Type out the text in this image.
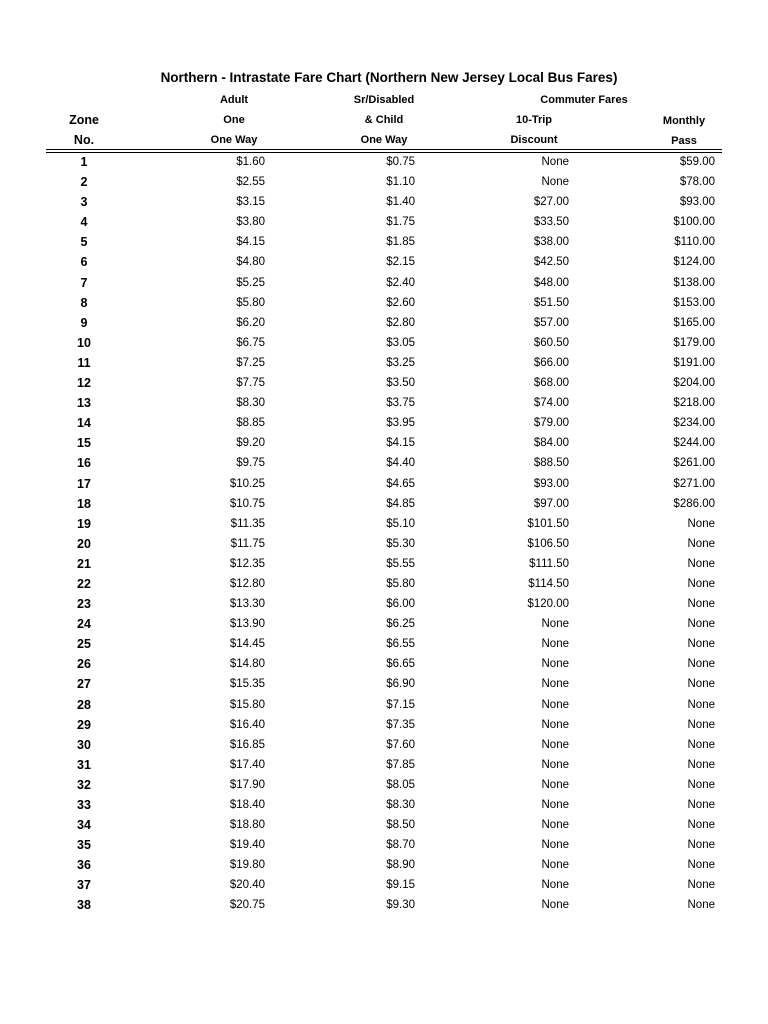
Northern - Intrastate Fare Chart (Northern New Jersey Local Bus Fares)
Zone
No.
Adult
One
One Way
Sr/Disabled
& Child
One Way
Commuter Fares
10-Trip
Discount
Monthly
Pass
1	$1.60	$0.75	None	$59.00
2	$2.55	$1.10	None	$78.00
3	$3.15	$1.40	$27.00	$93.00
4	$3.80	$1.75	$33.50	$100.00
5	$4.15	$1.85	$38.00	$110.00
6	$4.80	$2.15	$42.50	$124.00
7	$5.25	$2.40	$48.00	$138.00
8	$5.80	$2.60	$51.50	$153.00
9	$6.20	$2.80	$57.00	$165.00
10	$6.75	$3.05	$60.50	$179.00
11	$7.25	$3.25	$66.00	$191.00
12	$7.75	$3.50	$68.00	$204.00
13	$8.30	$3.75	$74.00	$218.00
14	$8.85	$3.95	$79.00	$234.00
15	$9.20	$4.15	$84.00	$244.00
16	$9.75	$4.40	$88.50	$261.00
17	$10.25	$4.65	$93.00	$271.00
18	$10.75	$4.85	$97.00	$286.00
19	$11.35	$5.10	$101.50	None
20	$11.75	$5.30	$106.50	None
21	$12.35	$5.55	$111.50	None
22	$12.80	$5.80	$114.50	None
23	$13.30	$6.00	$120.00	None
24	$13.90	$6.25	None	None
25	$14.45	$6.55	None	None
26	$14.80	$6.65	None	None
27	$15.35	$6.90	None	None
28	$15.80	$7.15	None	None
29	$16.40	$7.35	None	None
30	$16.85	$7.60	None	None
31	$17.40	$7.85	None	None
32	$17.90	$8.05	None	None
33	$18.40	$8.30	None	None
34	$18.80	$8.50	None	None
35	$19.40	$8.70	None	None
36	$19.80	$8.90	None	None
37	$20.40	$9.15	None	None
38	$20.75	$9.30	None	None
